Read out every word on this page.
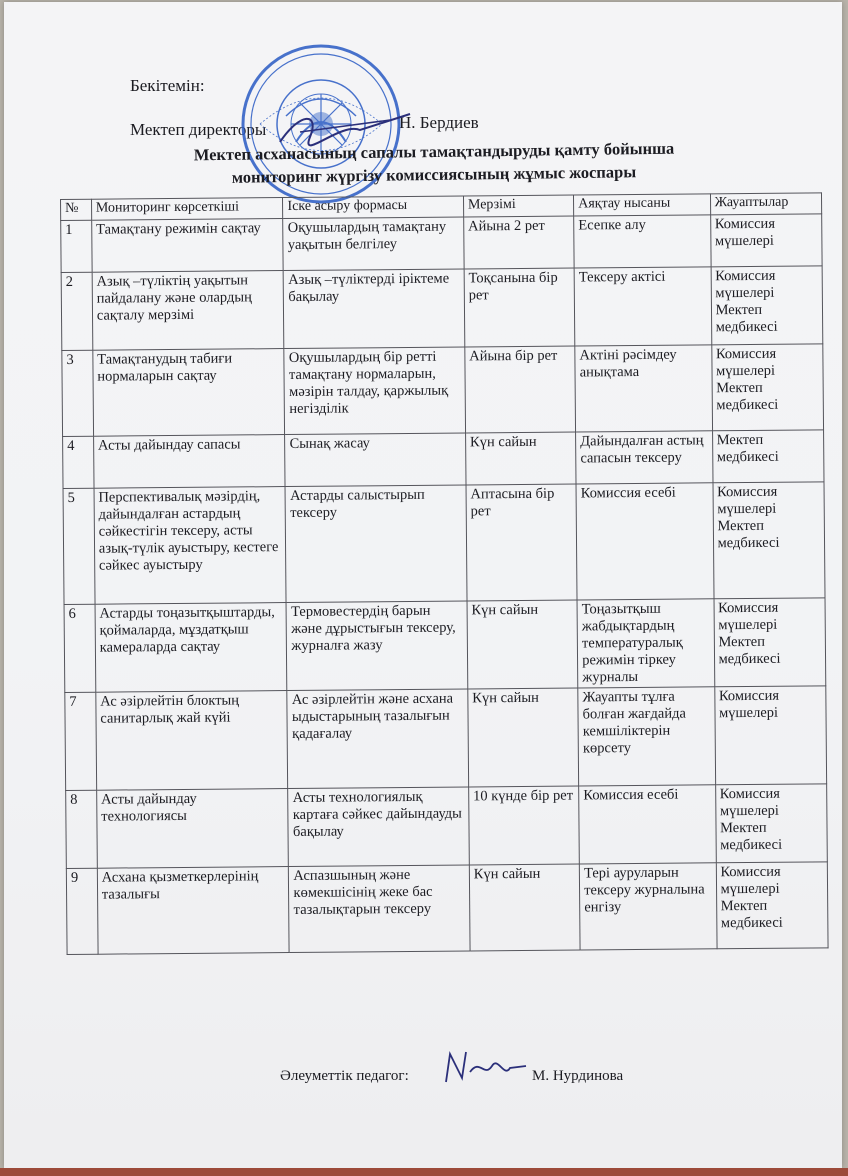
Бекітемін:
Мектеп директоры	Н. Бердиев
Мектеп асханасының сапалы тамақтандыруды қамту бойынша
мониторинг жүргізу комиссиясының жұмыс жоспары
№	Мониторинг көрсеткіші	Іске асыру формасы	Мерзімі	Аяқтау нысаны	Жауаптылар
1	Тамақтану режимін сақтау	Оқушылардың тамақтану уақытын белгілеу	Айына 2 рет	Есепке алу	Комиссия мүшелері
2	Азық –түліктің уақытын пайдалану және олардың сақталу мерзімі	Азық –түліктерді іріктеме бақылау	Тоқсанына бір рет	Тексеру актісі	Комиссия мүшелері Мектеп медбикесі
3	Тамақтанудың табиғи нормаларын сақтау	Оқушылардың бір ретті тамақтану нормаларын, мәзірін талдау, қаржылық негізділік	Айына бір рет	Актіні рәсімдеу анықтама	Комиссия мүшелері Мектеп медбикесі
4	Асты дайындау сапасы	Сынақ жасау	Күн сайын	Дайындалған астың сапасын тексеру	Мектеп медбикесі
5	Перспективалық мәзірдің, дайындалған астардың сәйкестігін тексеру, асты азық-түлік ауыстыру, кестеге сәйкес ауыстыру	Астарды салыстырып тексеру	Аптасына бір рет	Комиссия есебі	Комиссия мүшелері Мектеп медбикесі
6	Астарды тоңазытқыштарды, қоймаларда, мұздатқыш камераларда сақтау	Термовестердің барын және дұрыстығын тексеру, журналға жазу	Күн сайын	Тоңазытқыш жабдықтардың температуралық режимін тіркеу журналы	Комиссия мүшелері Мектеп медбикесі
7	Ас әзірлейтін блоктың санитарлық жай күйі	Ас әзірлейтін және асхана ыдыстарының тазалығын қадағалау	Күн сайын	Жауапты тұлға болған жағдайда кемшіліктерін көрсету	Комиссия мүшелері
8	Асты дайындау технологиясы	Асты технологиялық картаға сәйкес дайындауды бақылау	10 күнде бір рет	Комиссия есебі	Комиссия мүшелері Мектеп медбикесі
9	Асхана қызметкерлерінің тазалығы	Аспазшының және көмекшісінің жеке бас тазалықтарын тексеру	Күн сайын	Тері ауруларын тексеру журналына енгізу	Комиссия мүшелері Мектеп медбикесі
Әлеуметтік педагог:	М. Нурдинова
